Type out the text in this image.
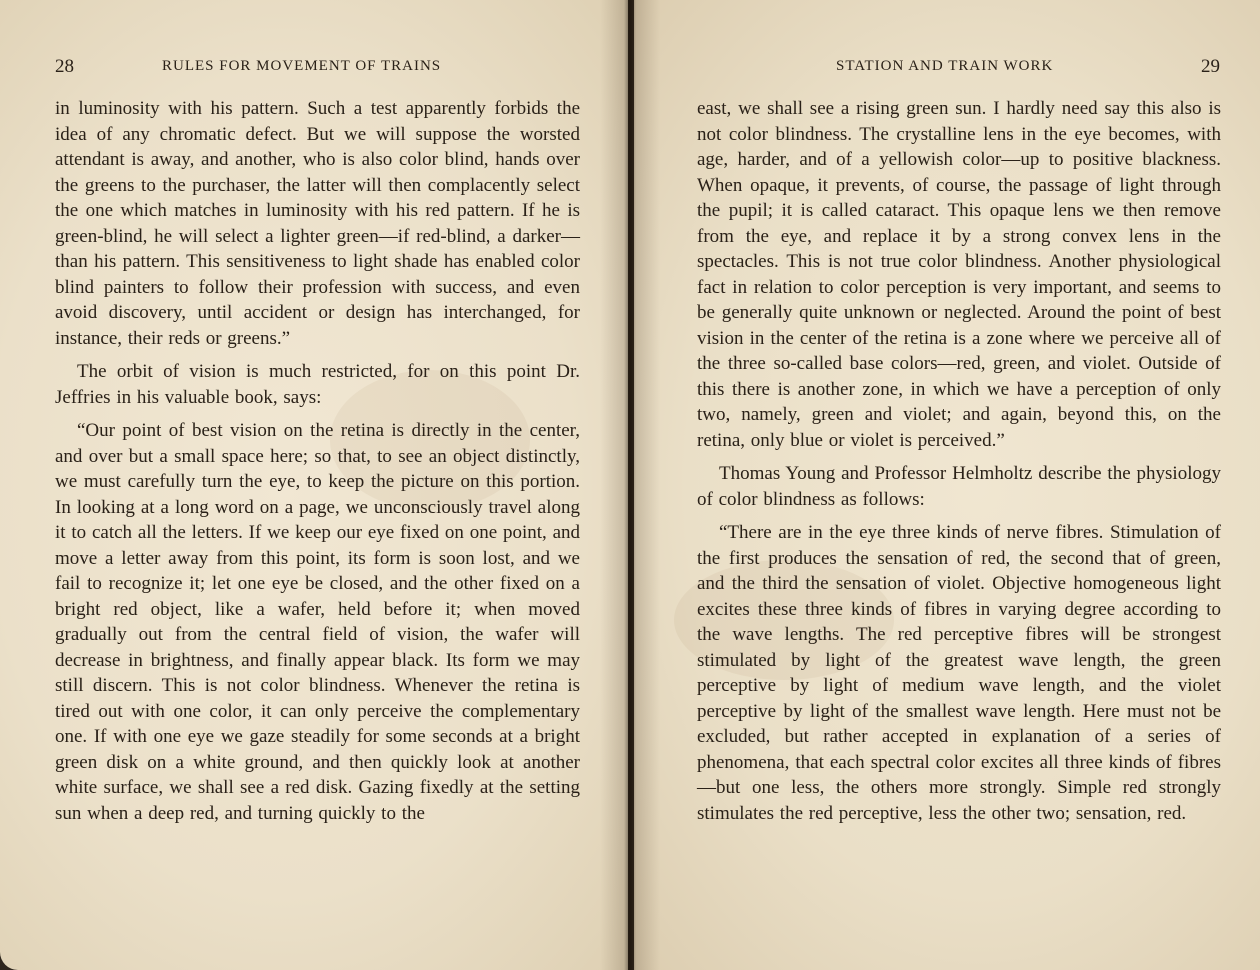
28	RULES FOR MOVEMENT OF TRAINS

in luminosity with his pattern. Such a test apparently forbids the idea of any chromatic defect. But we will suppose the worsted attendant is away, and another, who is also color blind, hands over the greens to the purchaser, the latter will then complacently select the one which matches in luminosity with his red pattern. If he is green-blind, he will select a lighter green—if red-blind, a darker—than his pattern. This sensitiveness to light shade has enabled color blind painters to follow their profession with success, and even avoid discovery, until accident or design has interchanged, for instance, their reds or greens.”

The orbit of vision is much restricted, for on this point Dr. Jeffries in his valuable book, says:

“Our point of best vision on the retina is directly in the center, and over but a small space here; so that, to see an object distinctly, we must carefully turn the eye, to keep the picture on this portion. In looking at a long word on a page, we unconsciously travel along it to catch all the letters. If we keep our eye fixed on one point, and move a letter away from this point, its form is soon lost, and we fail to recognize it; let one eye be closed, and the other fixed on a bright red object, like a wafer, held before it; when moved gradually out from the central field of vision, the wafer will decrease in brightness, and finally appear black. Its form we may still discern. This is not color blindness. Whenever the retina is tired out with one color, it can only perceive the complementary one. If with one eye we gaze steadily for some seconds at a bright green disk on a white ground, and then quickly look at another white surface, we shall see a red disk. Gazing fixedly at the setting sun when a deep red, and turning quickly to the

STATION AND TRAIN WORK	29

east, we shall see a rising green sun. I hardly need say this also is not color blindness. The crystalline lens in the eye becomes, with age, harder, and of a yellowish color—up to positive blackness. When opaque, it prevents, of course, the passage of light through the pupil; it is called cataract. This opaque lens we then remove from the eye, and replace it by a strong convex lens in the spectacles. This is not true color blindness. Another physiological fact in relation to color perception is very important, and seems to be generally quite unknown or neglected. Around the point of best vision in the center of the retina is a zone where we perceive all of the three so-called base colors—red, green, and violet. Outside of this there is another zone, in which we have a perception of only two, namely, green and violet; and again, beyond this, on the retina, only blue or violet is perceived.”

Thomas Young and Professor Helmholtz describe the physiology of color blindness as follows:

“There are in the eye three kinds of nerve fibres. Stimulation of the first produces the sensation of red, the second that of green, and the third the sensation of violet. Objective homogeneous light excites these three kinds of fibres in varying degree according to the wave lengths. The red perceptive fibres will be strongest stimulated by light of the greatest wave length, the green perceptive by light of medium wave length, and the violet perceptive by light of the smallest wave length. Here must not be excluded, but rather accepted in explanation of a series of phenomena, that each spectral color excites all three kinds of fibres—but one less, the others more strongly. Simple red strongly stimulates the red perceptive, less the other two; sensation, red.
